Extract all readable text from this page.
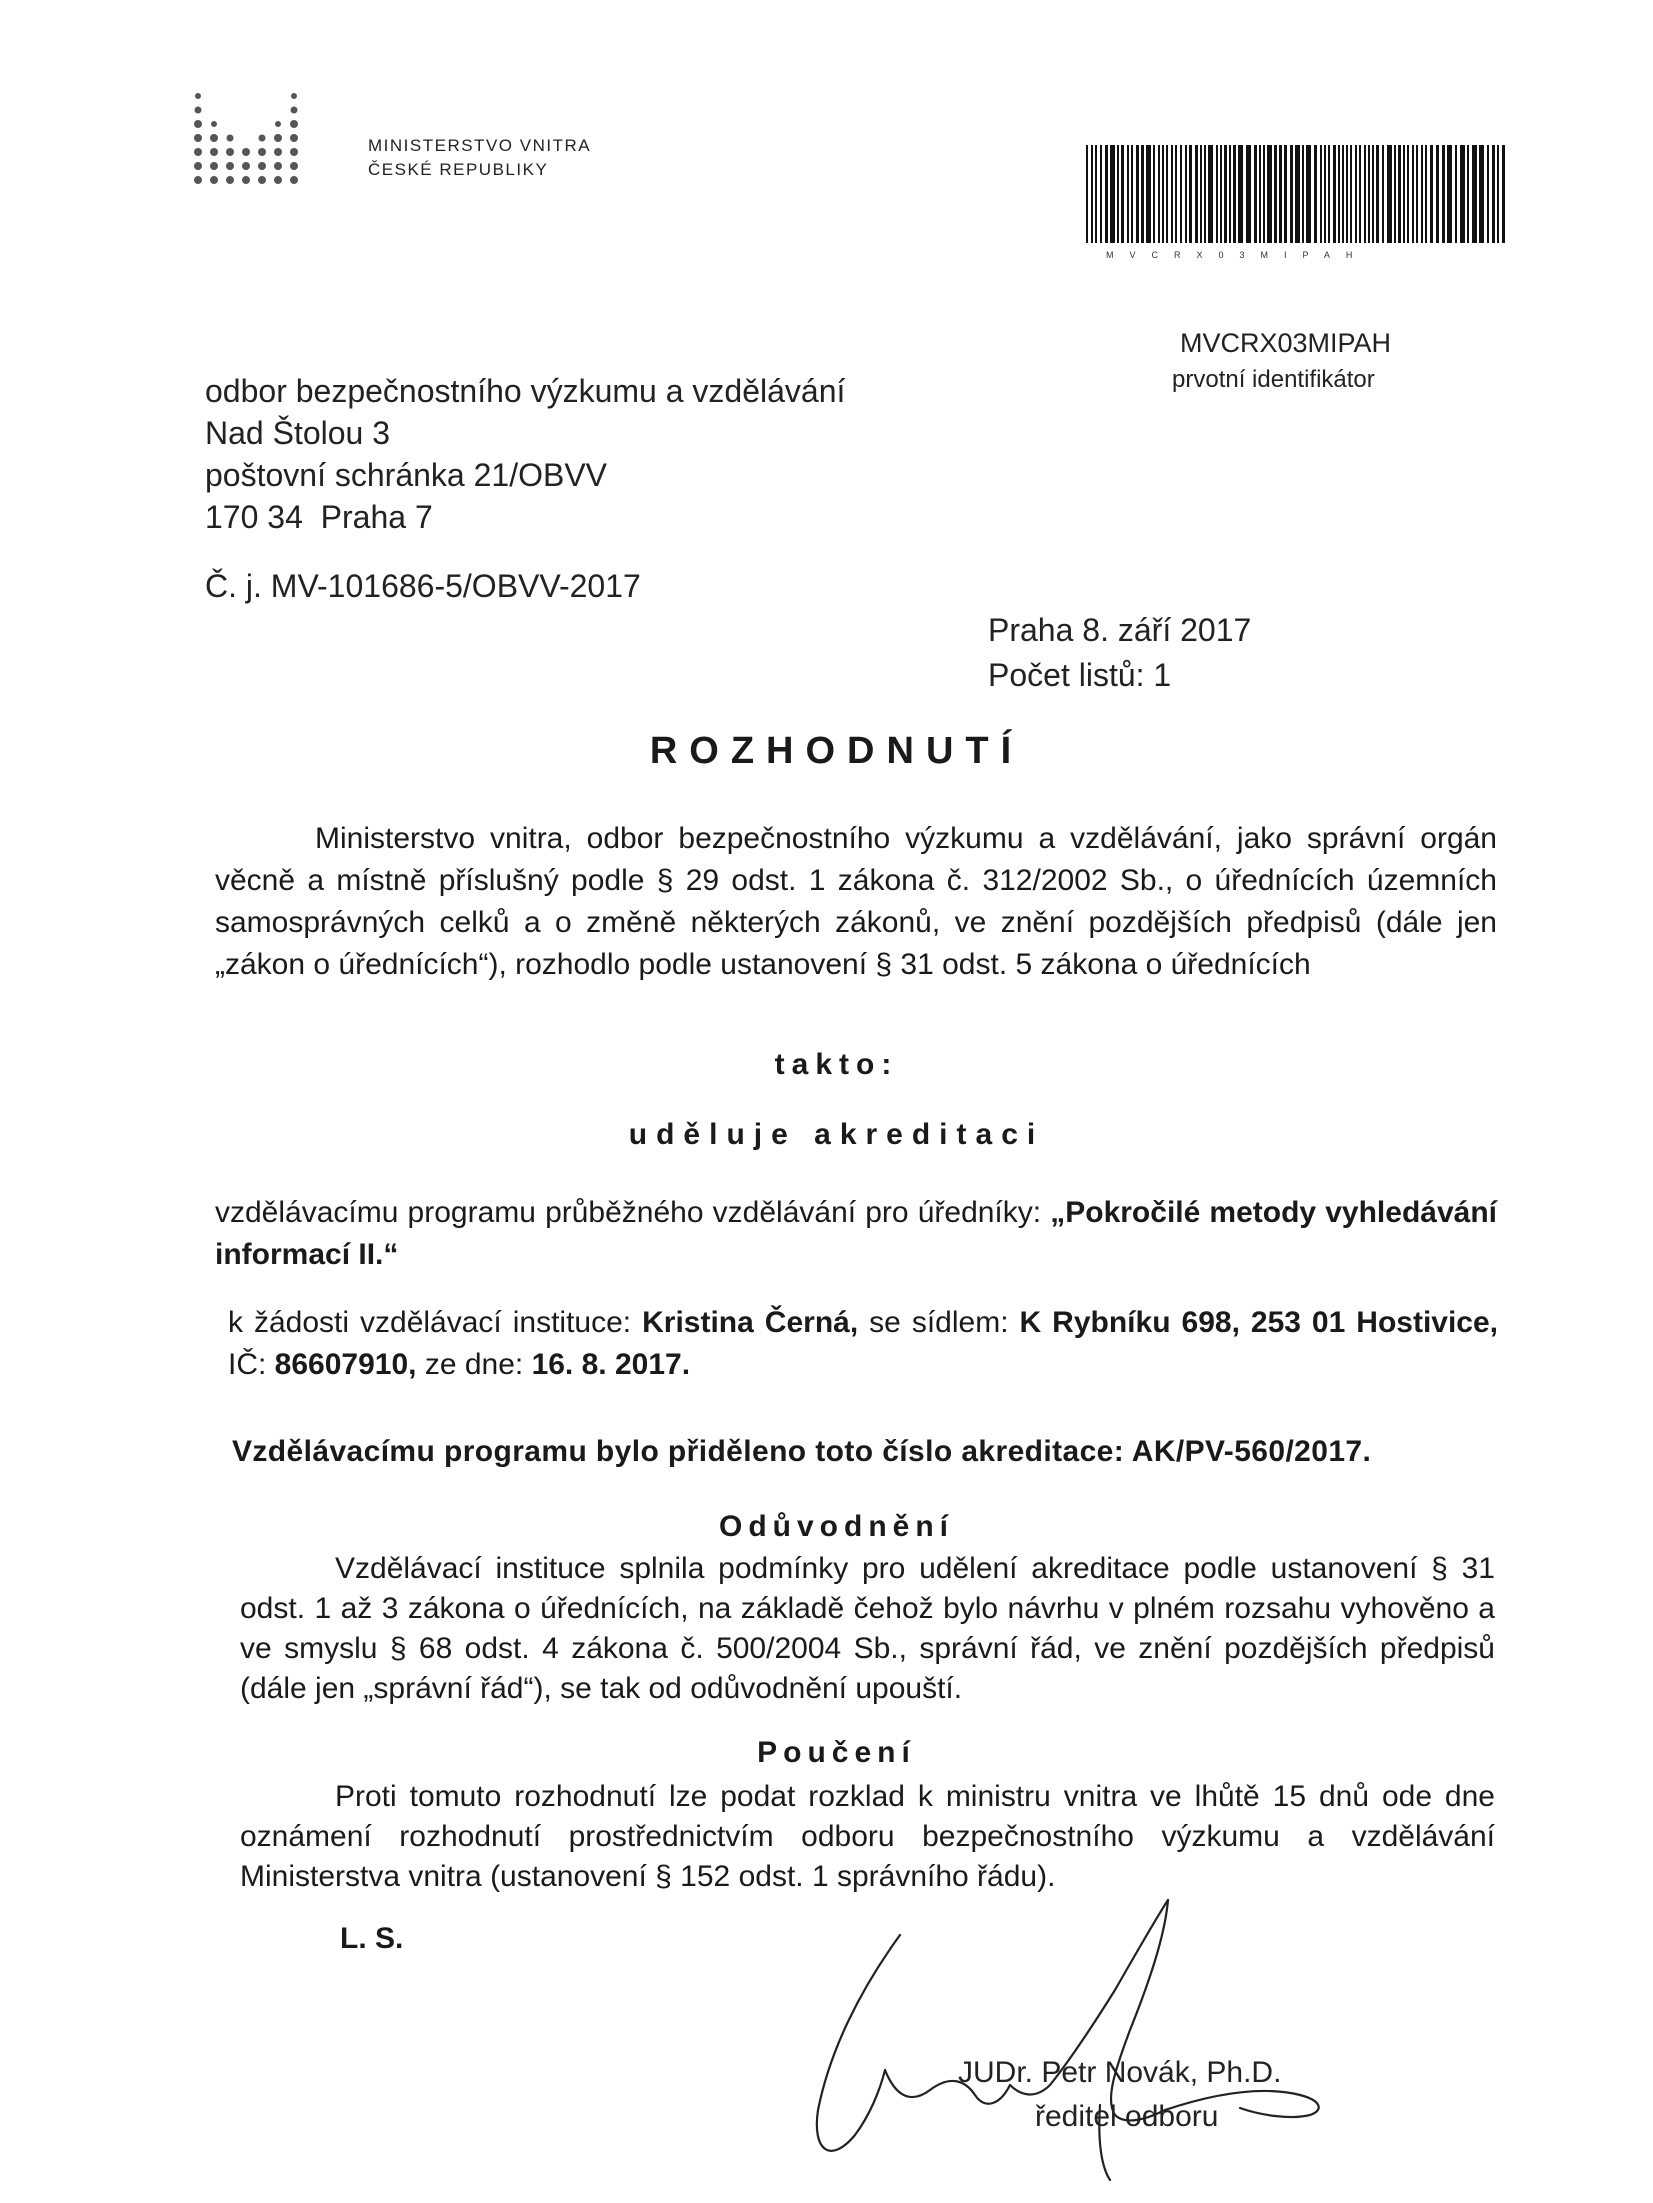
MINISTERSTVO VNITRA
ČESKÉ REPUBLIKY
MVCRX03MIPAH
MVCRX03MIPAH
prvotní identifikátor
odbor bezpečnostního výzkumu a vzdělávání
Nad Štolou 3
poštovní schránka 21/OBVV
170 34  Praha 7
Č. j. MV-101686-5/OBVV-2017
Praha 8. září 2017
Počet listů: 1
ROZHODNUTÍ
Ministerstvo vnitra, odbor bezpečnostního výzkumu a vzdělávání, jako správní orgán věcně a místně příslušný podle § 29 odst. 1 zákona č. 312/2002 Sb., o úřednících územních samosprávných celků a o změně některých zákonů, ve znění pozdějších předpisů (dále jen „zákon o úřednících“), rozhodlo podle ustanovení § 31 odst. 5 zákona o úřednících
takto:
uděluje akreditaci
vzdělávacímu programu průběžného vzdělávání pro úředníky: „Pokročilé metody vyhledávání informací II.“
k žádosti vzdělávací instituce: Kristina Černá, se sídlem: K Rybníku 698, 253 01 Hostivice, IČ: 86607910, ze dne: 16. 8. 2017.
Vzdělávacímu programu bylo přiděleno toto číslo akreditace: AK/PV-560/2017.
Odůvodnění
Vzdělávací instituce splnila podmínky pro udělení akreditace podle ustanovení § 31 odst. 1 až 3 zákona o úřednících, na základě čehož bylo návrhu v plném rozsahu vyhověno a ve smyslu § 68 odst. 4 zákona č. 500/2004 Sb., správní řád, ve znění pozdějších předpisů (dále jen „správní řád“), se tak od odůvodnění upouští.
Poučení
Proti tomuto rozhodnutí lze podat rozklad k ministru vnitra ve lhůtě 15 dnů ode dne oznámení rozhodnutí prostřednictvím odboru bezpečnostního výzkumu a vzdělávání Ministerstva vnitra (ustanovení § 152 odst. 1 správního řádu).
L. S.
JUDr. Petr Novák, Ph.D.
ředitel odboru
